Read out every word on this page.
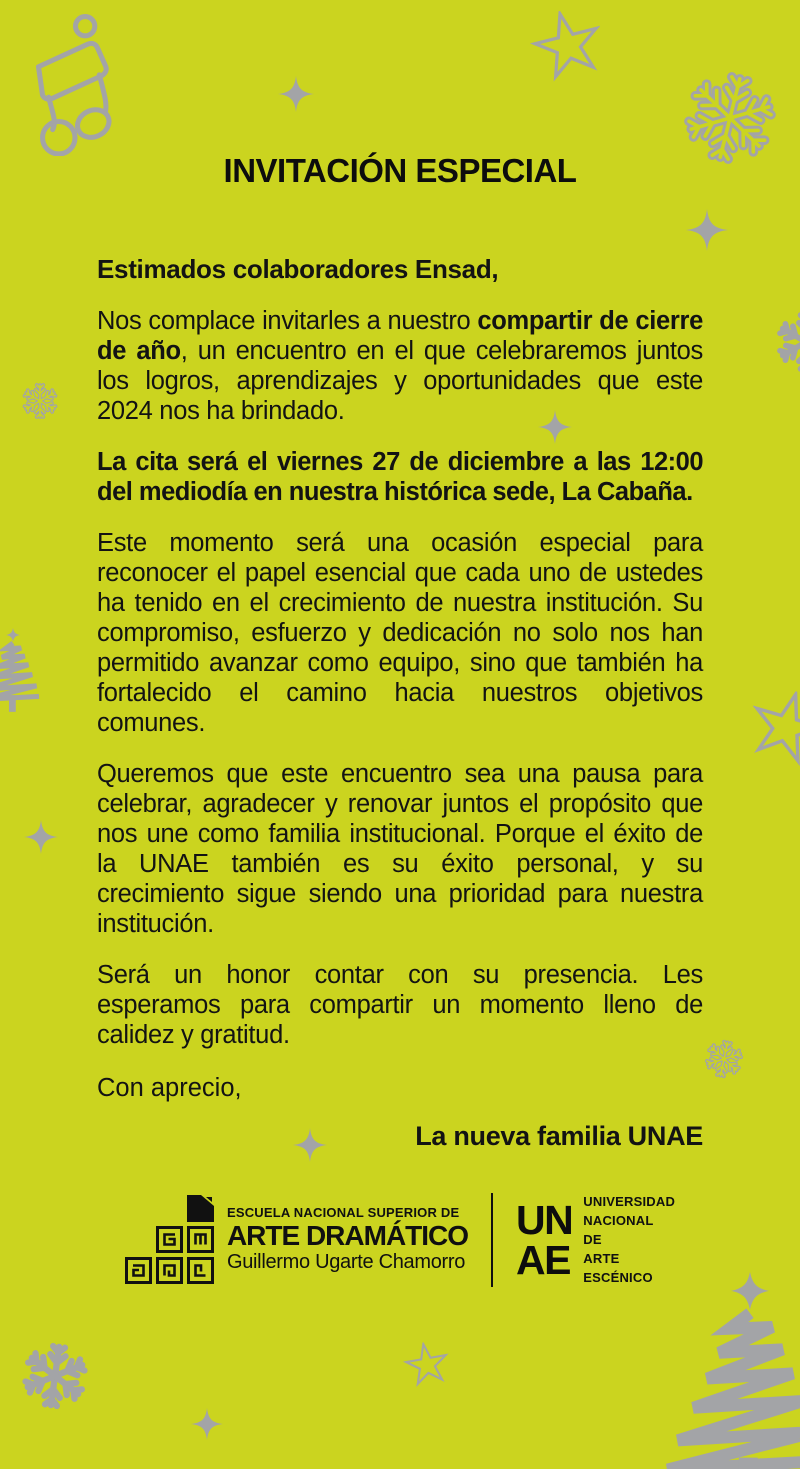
INVITACIÓN ESPECIAL

Estimados colaboradores Ensad,

Nos complace invitarles a nuestro compartir de cierre de año, un encuentro en el que celebraremos juntos los logros, aprendizajes y oportunidades que este 2024 nos ha brindado.

La cita será el viernes 27 de diciembre a las 12:00 del mediodía en nuestra histórica sede, La Cabaña.

Este momento será una ocasión especial para reconocer el papel esencial que cada uno de ustedes ha tenido en el crecimiento de nuestra institución. Su compromiso, esfuerzo y dedicación no solo nos han permitido avanzar como equipo, sino que también ha fortalecido el camino hacia nuestros objetivos comunes.

Queremos que este encuentro sea una pausa para celebrar, agradecer y renovar juntos el propósito que nos une como familia institucional. Porque el éxito de la UNAE también es su éxito personal, y su crecimiento sigue siendo una prioridad para nuestra institución.

Será un honor contar con su presencia. Les esperamos para compartir un momento lleno de calidez y gratitud.

Con aprecio,

La nueva familia UNAE

ESCUELA NACIONAL SUPERIOR DE
ARTE DRAMÁTICO
Guillermo Ugarte Chamorro
UN
AE
UNIVERSIDAD
NACIONAL
DE
ARTE
ESCÉNICO
